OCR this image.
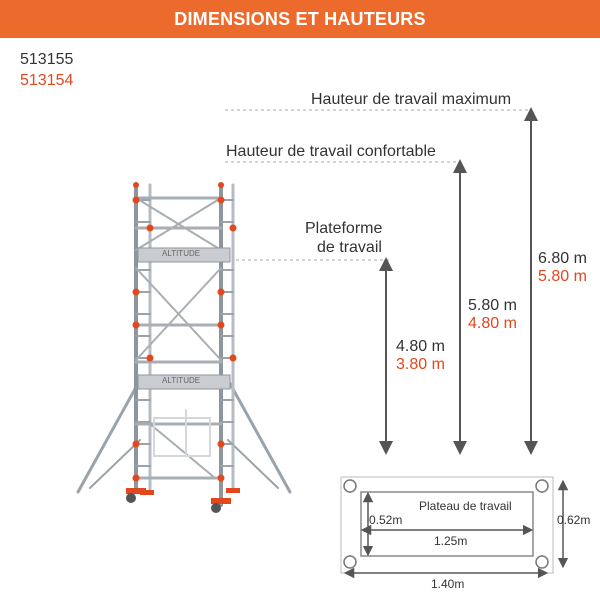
DIMENSIONS ET HAUTEURS
513155
513154
ALTITUDE
ALTITUDE
Hauteur de travail maximum
Hauteur de travail confortable
Plateforme
de travail
6.80 m
5.80 m
5.80 m
4.80 m
4.80 m
3.80 m
Plateau de travail
0.52m
1.25m
0.62m
1.40m
